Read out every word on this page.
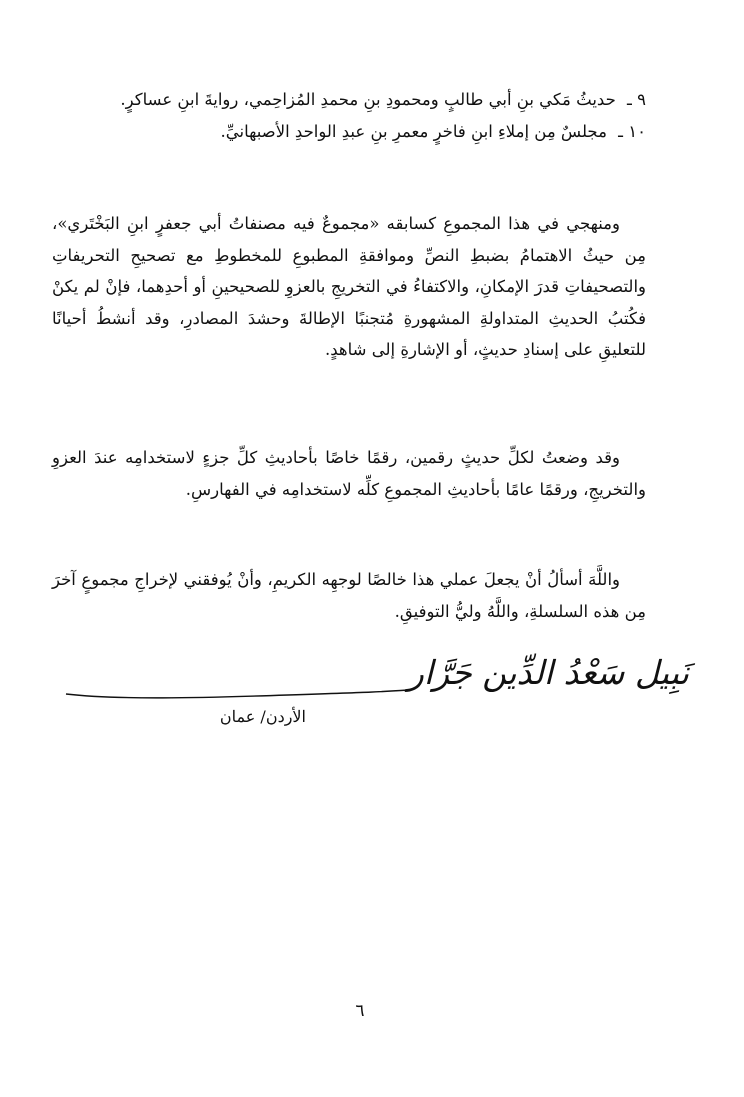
٩ ـ حديثُ مَكي بنِ أبي طالبٍ ومحمودِ بنِ محمدِ المُزاحِمي، روايةَ ابنِ عساكرٍ.

١٠ ـ مجلسٌ مِن إملاءِ ابنِ فاخرٍ معمرِ بنِ عبدِ الواحدِ الأصبهانيِّ.

ومنهجي في هذا المجموعِ كسابقه «مجموعٌ فيه مصنفاتُ أبي جعفرٍ ابنِ البَخْتَري»، مِن حيثُ الاهتمامُ بضبطِ النصِّ وموافقةِ المطبوعِ للمخطوطِ مع تصحيحِ التحريفاتِ والتصحيفاتِ قدرَ الإمكانِ، والاكتفاءُ في التخريجِ بالعزوِ للصحيحينِ أو أحدِهما، فإنْ لم يكنْ فكُتبُ الحديثِ المتداولةِ المشهورةِ مُتجنبًا الإطالةَ وحشدَ المصادرِ، وقد أنشطُ أحيانًا للتعليقِ على إسنادِ حديثٍ، أو الإشارةِ إلى شاهدٍ.

وقد وضعتُ لكلِّ حديثٍ رقمين، رقمًا خاصًا بأحاديثِ كلِّ جزءٍ لاستخدامِه عندَ العزوِ والتخريجِ، ورقمًا عامًا بأحاديثِ المجموعِ كلِّه لاستخدامِه في الفهارسِ.

واللَّهَ أسألُ أنْ يجعلَ عملي هذا خالصًا لوجهِه الكريمِ، وأنْ يُوفقني لإخراجِ مجموعٍ آخرَ مِن هذه السلسلةِ، واللَّهُ وليُّ التوفيقِ.

نَبِيل سَعْدُ الدِّين جَرَّار
الأردن/ عمان
٦
